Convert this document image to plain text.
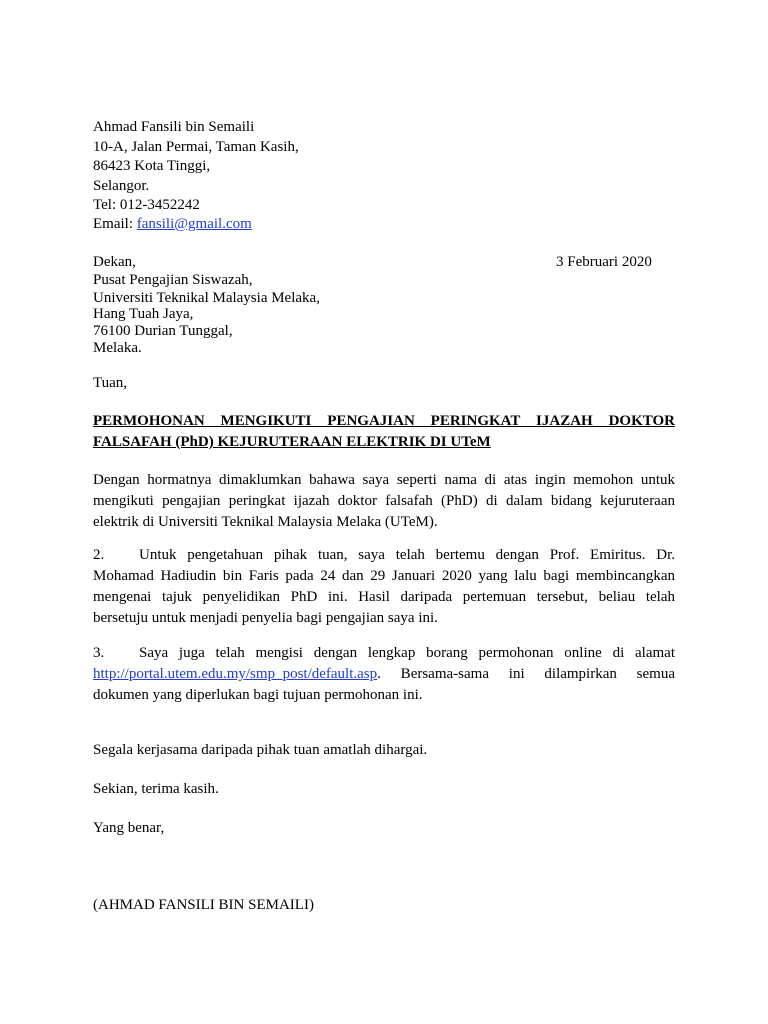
Ahmad Fansili bin Semaili
10-A, Jalan Permai, Taman Kasih,
86423 Kota Tinggi,
Selangor.
Tel: 012-3452242
Email: fansili@gmail.com
3 Februari 2020
Dekan,
Pusat Pengajian Siswazah,
Universiti Teknikal Malaysia Melaka,
Hang Tuah Jaya,
76100 Durian Tunggal,
Melaka.
Tuan,
PERMOHONAN MENGIKUTI PENGAJIAN PERINGKAT IJAZAH DOKTOR
FALSAFAH (PhD) KEJURUTERAAN ELEKTRIK DI UTeM
Dengan hormatnya dimaklumkan bahawa saya seperti nama di atas ingin memohon untuk
mengikuti pengajian peringkat ijazah doktor falsafah (PhD) di dalam bidang kejuruteraan
elektrik di Universiti Teknikal Malaysia Melaka (UTeM).
2. Untuk pengetahuan pihak tuan, saya telah bertemu dengan Prof. Emiritus. Dr.
Mohamad Hadiudin bin Faris pada 24 dan 29 Januari 2020 yang lalu bagi membincangkan
mengenai tajuk penyelidikan PhD ini. Hasil daripada pertemuan tersebut, beliau telah
bersetuju untuk menjadi penyelia bagi pengajian saya ini.
3. Saya juga telah mengisi dengan lengkap borang permohonan online di alamat
http://portal.utem.edu.my/smp_post/default.asp. Bersama-sama ini dilampirkan semua
dokumen yang diperlukan bagi tujuan permohonan ini.
Segala kerjasama daripada pihak tuan amatlah dihargai.
Sekian, terima kasih.
Yang benar,
(AHMAD FANSILI BIN SEMAILI)
